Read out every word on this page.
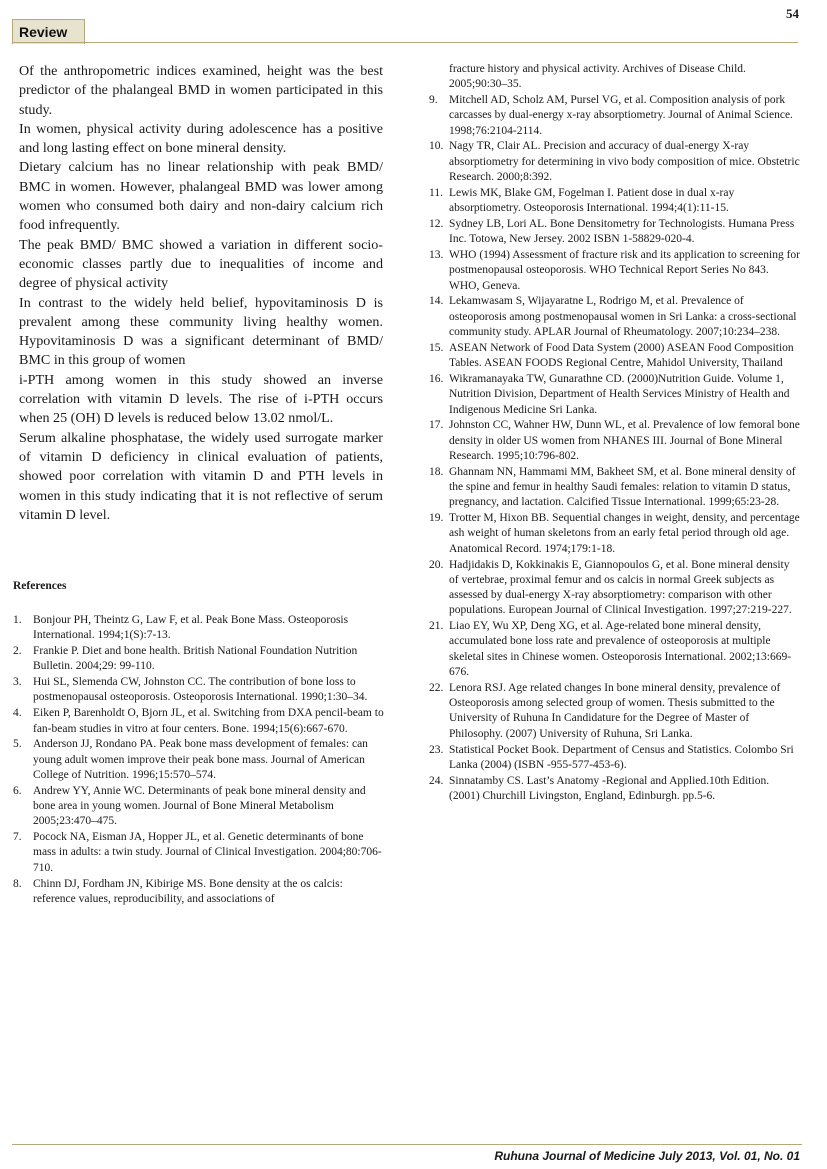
54
Review

Of the anthropometric indices examined, height was the best predictor of the phalangeal BMD in women participated in this study.

In women, physical activity during adolescence has a positive and long lasting effect on bone mineral density.

Dietary calcium has no linear relationship with peak BMD/ BMC in women. However, phalangeal BMD was lower among women who consumed both dairy and non-dairy calcium rich food infrequently.

The peak BMD/ BMC showed a variation in different socio-economic classes partly due to inequalities of income and degree of physical activity

In contrast to the widely held belief, hypovitaminosis D is prevalent among these community living healthy women. Hypovitaminosis D was a significant determinant of BMD/ BMC in this group of women

i-PTH among women in this study showed an inverse correlation with vitamin D levels. The rise of i-PTH occurs when 25 (OH) D levels is reduced below 13.02 nmol/L.

Serum alkaline phosphatase, the widely used surrogate marker of vitamin D deficiency in clinical evaluation of patients, showed poor correlation with vitamin D and PTH levels in women in this study indicating that it is not reflective of serum vitamin D level.

References
1. Bonjour PH, Theintz G, Law F, et al. Peak Bone Mass. Osteoporosis International. 1994;1(S):7-13.
2. Frankie P. Diet and bone health. British National Foundation Nutrition Bulletin. 2004;29: 99-110.
3. Hui SL, Slemenda CW, Johnston CC. The contribution of bone loss to postmenopausal osteoporosis. Osteoporosis International. 1990;1:30–34.
4. Eiken P, Barenholdt O, Bjorn JL, et al. Switching from DXA pencil-beam to fan-beam studies in vitro at four centers. Bone. 1994;15(6):667-670.
5. Anderson JJ, Rondano PA. Peak bone mass development of females: can young adult women improve their peak bone mass. Journal of American College of Nutrition. 1996;15:570–574.
6. Andrew YY, Annie WC. Determinants of peak bone mineral density and bone area in young women. Journal of Bone Mineral Metabolism 2005;23:470–475.
7. Pocock NA, Eisman JA, Hopper JL, et al. Genetic determinants of bone mass in adults: a twin study. Journal of Clinical Investigation. 2004;80:706-710.
8. Chinn DJ, Fordham JN, Kibirige MS. Bone density at the os calcis: reference values, reproducibility, and associations of
fracture history and physical activity. Archives of Disease Child. 2005;90:30–35.
9. Mitchell AD, Scholz AM, Pursel VG, et al. Composition analysis of pork carcasses by dual-energy x-ray absorptiometry. Journal of Animal Science. 1998;76:2104-2114.
10. Nagy TR, Clair AL. Precision and accuracy of dual-energy X-ray absorptiometry for determining in vivo body composition of mice. Obstetric Research. 2000;8:392.
11. Lewis MK, Blake GM, Fogelman I. Patient dose in dual x-ray absorptiometry. Osteoporosis International. 1994;4(1):11-15.
12. Sydney LB, Lori AL. Bone Densitometry for Technologists. Humana Press Inc. Totowa, New Jersey. 2002 ISBN 1-58829-020-4.
13. WHO (1994) Assessment of fracture risk and its application to screening for postmenopausal osteoporosis. WHO Technical Report Series No 843. WHO, Geneva.
14. Lekamwasam S, Wijayaratne L, Rodrigo M, et al. Prevalence of osteoporosis among postmenopausal women in Sri Lanka: a cross-sectional community study. APLAR Journal of Rheumatology. 2007;10:234–238.
15. ASEAN Network of Food Data System (2000) ASEAN Food Composition Tables. ASEAN FOODS Regional Centre, Mahidol University, Thailand
16. Wikramanayaka TW, Gunarathne CD. (2000)Nutrition Guide. Volume 1, Nutrition Division, Department of Health Services Ministry of Health and Indigenous Medicine Sri Lanka.
17. Johnston CC, Wahner HW, Dunn WL, et al. Prevalence of low femoral bone density in older US women from NHANES III. Journal of Bone Mineral Research. 1995;10:796-802.
18. Ghannam NN, Hammami MM, Bakheet SM, et al. Bone mineral density of the spine and femur in healthy Saudi females: relation to vitamin D status, pregnancy, and lactation. Calcified Tissue International. 1999;65:23-28.
19. Trotter M, Hixon BB. Sequential changes in weight, density, and percentage ash weight of human skeletons from an early fetal period through old age. Anatomical Record. 1974;179:1-18.
20. Hadjidakis D, Kokkinakis E, Giannopoulos G, et al. Bone mineral density of vertebrae, proximal femur and os calcis in normal Greek subjects as assessed by dual-energy X-ray absorptiometry: comparison with other populations. European Journal of Clinical Investigation. 1997;27:219-227.
21. Liao EY, Wu XP, Deng XG, et al. Age-related bone mineral density, accumulated bone loss rate and prevalence of osteoporosis at multiple skeletal sites in Chinese women. Osteoporosis International. 2002;13:669-676.
22. Lenora RSJ. Age related changes In bone mineral density, prevalence of Osteoporosis among selected group of women. Thesis submitted to the University of Ruhuna In Candidature for the Degree of Master of Philosophy. (2007) University of Ruhuna, Sri Lanka.
23. Statistical Pocket Book. Department of Census and Statistics. Colombo Sri Lanka (2004) (ISBN -955-577-453-6).
24. Sinnatamby CS. Last’s Anatomy -Regional and Applied.10th Edition. (2001) Churchill Livingston, England, Edinburgh. pp.5-6.
Ruhuna Journal of Medicine July 2013, Vol. 01, No. 01
